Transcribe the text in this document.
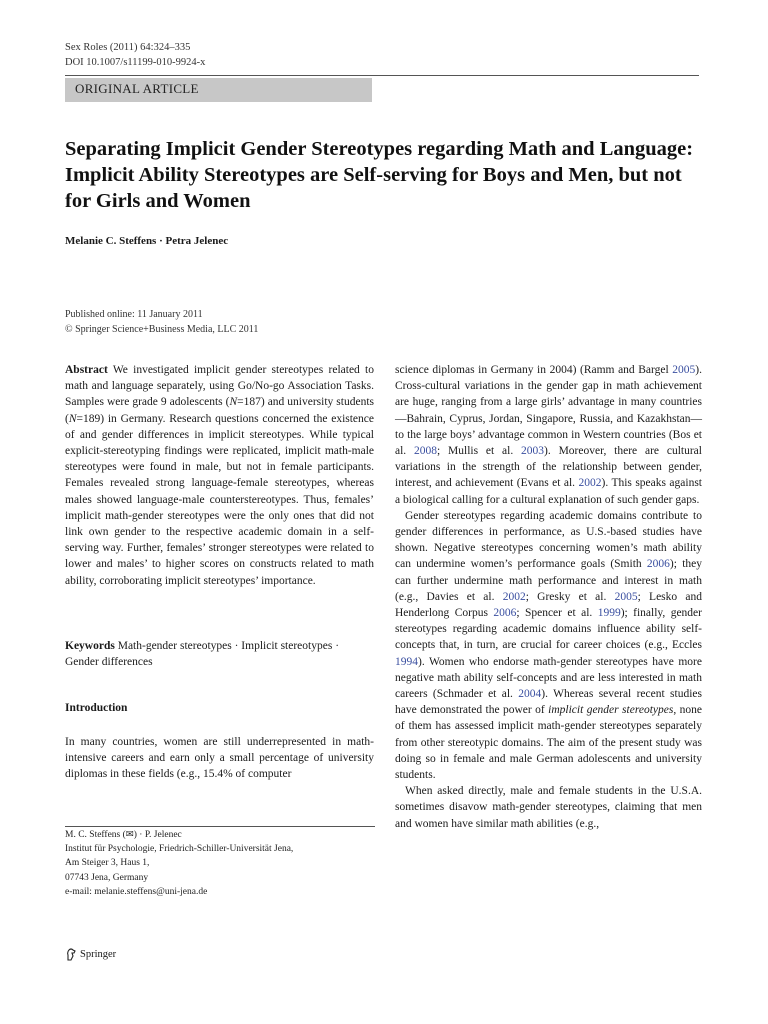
Sex Roles (2011) 64:324–335
DOI 10.1007/s11199-010-9924-x
ORIGINAL ARTICLE
Separating Implicit Gender Stereotypes regarding Math and Language: Implicit Ability Stereotypes are Self-serving for Boys and Men, but not for Girls and Women
Melanie C. Steffens · Petra Jelenec
Published online: 11 January 2011
© Springer Science+Business Media, LLC 2011

Abstract We investigated implicit gender stereotypes related to math and language separately, using Go/No-go Association Tasks. Samples were grade 9 adolescents (N=187) and university students (N=189) in Germany. Research questions concerned the existence of and gender differences in implicit stereotypes. While typical explicit-stereotyping findings were replicated, implicit math-male stereotypes were found in male, but not in female participants. Females revealed strong language-female stereotypes, whereas males showed language-male counterstereotypes. Thus, females’ implicit math-gender stereotypes were the only ones that did not link own gender to the respective academic domain in a self-serving way. Further, females’ stronger stereotypes were related to lower and males’ to higher scores on constructs related to math ability, corroborating implicit stereotypes’ importance.

Keywords Math-gender stereotypes · Implicit stereotypes · Gender differences

Introduction

In many countries, women are still underrepresented in math-intensive careers and earn only a small percentage of university diplomas in these fields (e.g., 15.4% of computer

M. C. Steffens (✉) · P. Jelenec
Institut für Psychologie, Friedrich-Schiller-Universität Jena,
Am Steiger 3, Haus 1,
07743 Jena, Germany
e-mail: melanie.steffens@uni-jena.de
Springer

science diplomas in Germany in 2004) (Ramm and Bargel 2005). Cross-cultural variations in the gender gap in math achievement are huge, ranging from a large girls’ advantage in many countries—Bahrain, Cyprus, Jordan, Singapore, Russia, and Kazakhstan—to the large boys’ advantage common in Western countries (Bos et al. 2008; Mullis et al. 2003). Moreover, there are cultural variations in the strength of the relationship between gender, interest, and achievement (Evans et al. 2002). This speaks against a biological calling for a cultural explanation of such gender gaps.

Gender stereotypes regarding academic domains contribute to gender differences in performance, as U.S.-based studies have shown. Negative stereotypes concerning women’s math ability can undermine women’s performance goals (Smith 2006); they can further undermine math performance and interest in math (e.g., Davies et al. 2002; Gresky et al. 2005; Lesko and Henderlong Corpus 2006; Spencer et al. 1999); finally, gender stereotypes regarding academic domains influence ability self-concepts that, in turn, are crucial for career choices (e.g., Eccles 1994). Women who endorse math-gender stereotypes have more negative math ability self-concepts and are less interested in math careers (Schmader et al. 2004). Whereas several recent studies have demonstrated the power of implicit gender stereotypes, none of them has assessed implicit math-gender stereotypes separately from other stereotypic domains. The aim of the present study was doing so in female and male German adolescents and university students.

When asked directly, male and female students in the U.S.A. sometimes disavow math-gender stereotypes, claiming that men and women have similar math abilities (e.g.,
